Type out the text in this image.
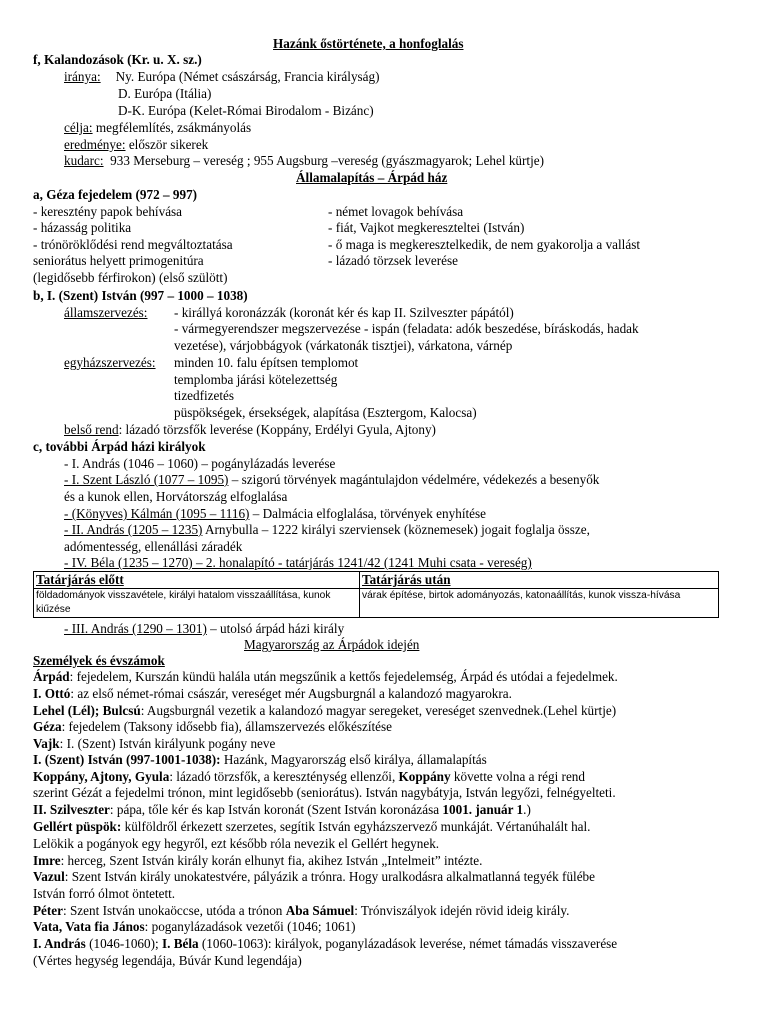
Hazánk őstörténete, a honfoglalás
f, Kalandozások (Kr. u. X. sz.)
iránya: Ny. Európa (Német császárság, Francia királyság)
D. Európa (Itália)
D-K. Európa (Kelet-Római Birodalom - Bizánc)
célja: megfélemlítés, zsákmányolás
eredménye: először sikerek
kudarc: 933 Merseburg – vereség ; 955 Augsburg –vereség (gyászmagyarok; Lehel kürtje)
Államalapítás – Árpád ház
a, Géza fejedelem (972 – 997)
- keresztény papok behívása
- házasság politika
- trónöröklődési rend megváltoztatása
seniorátus helyett primogenitúra
(legidősebb férfirokon) (első szülött)
- német lovagok behívása
- fiát, Vajkot megkereszteltei (István)
- ő maga is megkeresztelkedik, de nem gyakorolja a vallást
- lázadó törzsek leverése
b, I. (Szent) István (997 – 1000 – 1038)
államszervezés: - királlyá koronázzák (koronát kér és kap II. Szilveszter pápától)
- vármegyerendszer megszervezése - ispán (feladata: adók beszedése, bíráskodás, hadak
vezetése), várjobbágyok (várkatonák tisztjei), várkatona, várnép
egyházszervezés: minden 10. falu építsen templomot
templomba járási kötelezettség
tizedfizetés
püspökségek, érsekségek, alapítása (Esztergom, Kalocsa)
belső rend: lázadó törzsfők leverése (Koppány, Erdélyi Gyula, Ajtony)
c, további Árpád házi királyok
- I. András (1046 – 1060) – pogánylázadás leverése
- I. Szent László (1077 – 1095) – szigorú törvények magántulajdon védelmére, védekezés a besenyők
és a kunok ellen, Horvátország elfoglalása
- (Könyves) Kálmán (1095 – 1116) – Dalmácia elfoglalása, törvények enyhítése
- II. András (1205 – 1235) Arnybulla – 1222 királyi szerviensek (köznemesek) jogait foglalja össze,
adómentesség, ellenállási záradék
- IV. Béla (1235 – 1270) – 2. honalapító - tatárjárás 1241/42 (1241 Muhi csata - vereség)
Tatárjárás előtt	Tatárjárás után
földadományok visszavétele, királyi hatalom visszaállítása, kunok kiűzése	várak építése, birtok adományozás, katonaállítás, kunok vissza-hívása
- III. András (1290 – 1301) – utolsó árpád házi király
Magyarország az Árpádok idején
Személyek és évszámok
Árpád: fejedelem, Kurszán kündü halála után megszűnik a kettős fejedelemség, Árpád és utódai a fejedelmek.
I. Ottó: az első német-római császár, vereséget mér Augsburgnál a kalandozó magyarokra.
Lehel (Lél); Bulcsú: Augsburgnál vezetik a kalandozó magyar seregeket, vereséget szenvednek.(Lehel kürtje)
Géza: fejedelem (Taksony idősebb fia), államszervezés előkészítése
Vajk: I. (Szent) István királyunk pogány neve
I. (Szent) István (997-1001-1038): Hazánk, Magyarország első királya, államalapítás
Koppány, Ajtony, Gyula: lázadó törzsfők, a kereszténység ellenzői, Koppány követte volna a régi rend
szerint Gézát a fejedelmi trónon, mint legidősebb (seniorátus). István nagybátyja, István legyőzi, felnégyelteti.
II. Szilveszter: pápa, tőle kér és kap István koronát (Szent István koronázása 1001. január 1.)
Gellért püspök: külföldről érkezett szerzetes, segítik István egyházszervező munkáját. Vértanúhalált hal.
Lelökik a pogányok egy hegyről, ezt később róla nevezik el Gellért hegynek.
Imre: herceg, Szent István király korán elhunyt fia, akihez István „Intelmeit” intézte.
Vazul: Szent István király unokatestvére, pályázik a trónra. Hogy uralkodásra alkalmatlanná tegyék fülébe
István forró ólmot öntetett.
Péter: Szent István unokaöccse, utóda a trónon Aba Sámuel: Trónviszályok idején rövid ideig király.
Vata, Vata fia János: poganylázadások vezetői (1046; 1061)
I. András (1046-1060); I. Béla (1060-1063): királyok, poganylázadások leverése, német támadás visszaverése
(Vértes hegység legendája, Búvár Kund legendája)
